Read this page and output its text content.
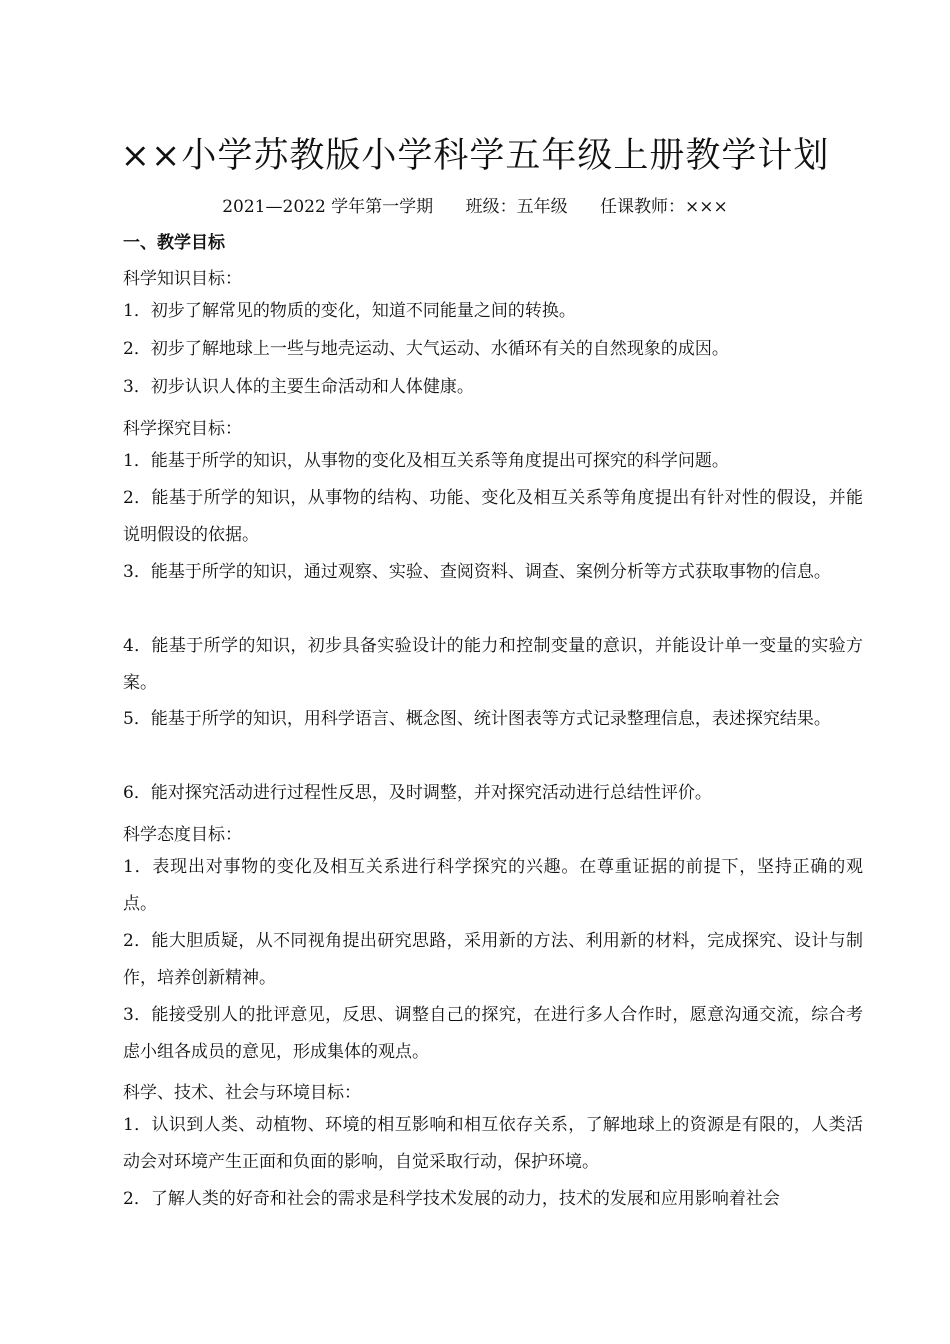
××小学苏教版小学科学五年级上册教学计划
2021—2022 学年第一学期      班级：五年级      任课教师：×××
一、教学目标
科学知识目标：
1．初步了解常见的物质的变化，知道不同能量之间的转换。
2．初步了解地球上一些与地壳运动、大气运动、水循环有关的自然现象的成因。
3．初步认识人体的主要生命活动和人体健康。
科学探究目标：
1．能基于所学的知识，从事物的变化及相互关系等角度提出可探究的科学问题。
2．能基于所学的知识，从事物的结构、功能、变化及相互关系等角度提出有针对性的假设，并能说明假设的依据。
3．能基于所学的知识，通过观察、实验、查阅资料、调查、案例分析等方式获取事物的信息。
4．能基于所学的知识，初步具备实验设计的能力和控制变量的意识，并能设计单一变量的实验方案。
5．能基于所学的知识，用科学语言、概念图、统计图表等方式记录整理信息，表述探究结果。
6．能对探究活动进行过程性反思，及时调整，并对探究活动进行总结性评价。
科学态度目标：
1．表现出对事物的变化及相互关系进行科学探究的兴趣。在尊重证据的前提下，坚持正确的观点。
2．能大胆质疑，从不同视角提出研究思路，采用新的方法、利用新的材料，完成探究、设计与制作，培养创新精神。
3．能接受别人的批评意见，反思、调整自己的探究，在进行多人合作时，愿意沟通交流，综合考虑小组各成员的意见，形成集体的观点。
科学、技术、社会与环境目标：
1．认识到人类、动植物、环境的相互影响和相互依存关系，了解地球上的资源是有限的，人类活动会对环境产生正面和负面的影响，自觉采取行动，保护环境。
2．了解人类的好奇和社会的需求是科学技术发展的动力，技术的发展和应用影响着社会
